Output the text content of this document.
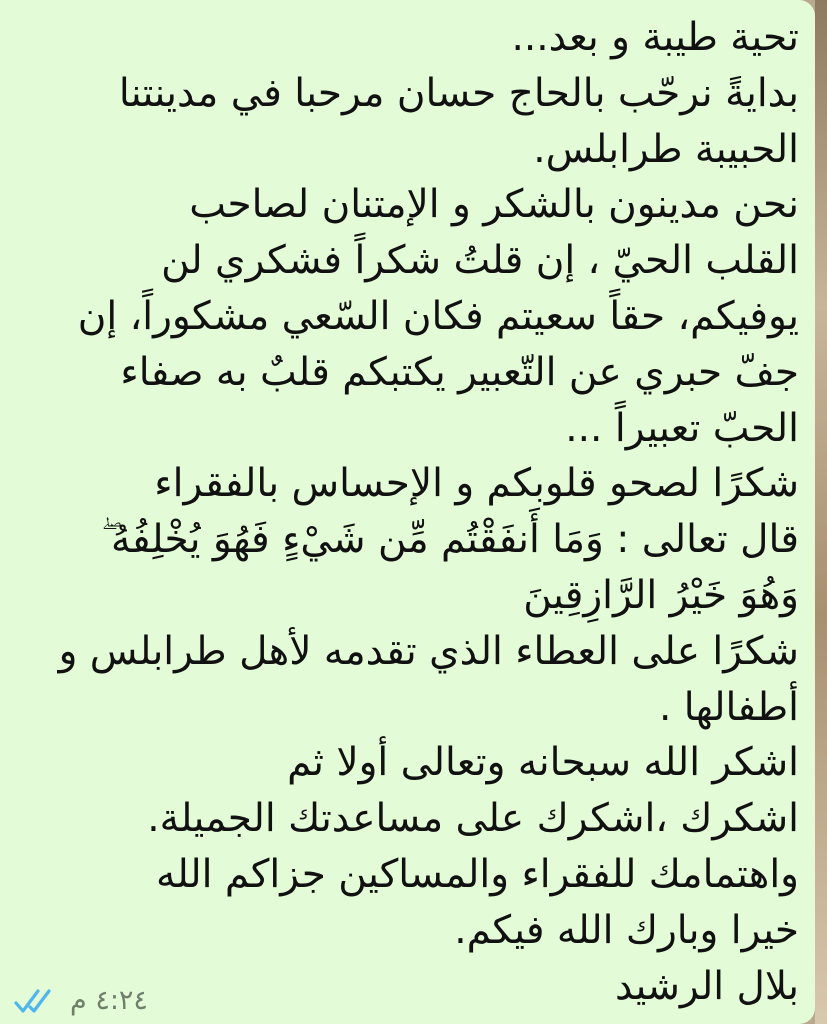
تحية طيبة و بعد...
بدايةً نرحّب بالحاج حسان مرحبا في مدينتنا
الحبيبة طرابلس.
نحن مدينون بالشكر و الإمتنان لصاحب
القلب الحيّ ، إن قلتُ شكراً فشكري لن
يوفيكم، حقاً سعيتم فكان السّعي مشكوراً، إن
جفّ حبري عن التّعبير يكتبكم قلبٌ به صفاء
الحبّ تعبيراً ...
شكرًا لصحو قلوبكم و الإحساس بالفقراء
قال تعالى : وَمَا أَنفَقْتُم مِّن شَيْءٍ فَهُوَ يُخْلِفُهُ ۖ
وَهُوَ خَيْرُ الرَّازِقِينَ
شكرًا على العطاء الذي تقدمه لأهل طرابلس و
أطفالها .
اشكر الله سبحانه وتعالى أولا ثم
اشكرك ،اشكرك على مساعدتك الجميلة.
واهتمامك للفقراء والمساكين جزاكم الله
خيرا وبارك الله فيكم.
بلال الرشيد
٤:٢٤ م
